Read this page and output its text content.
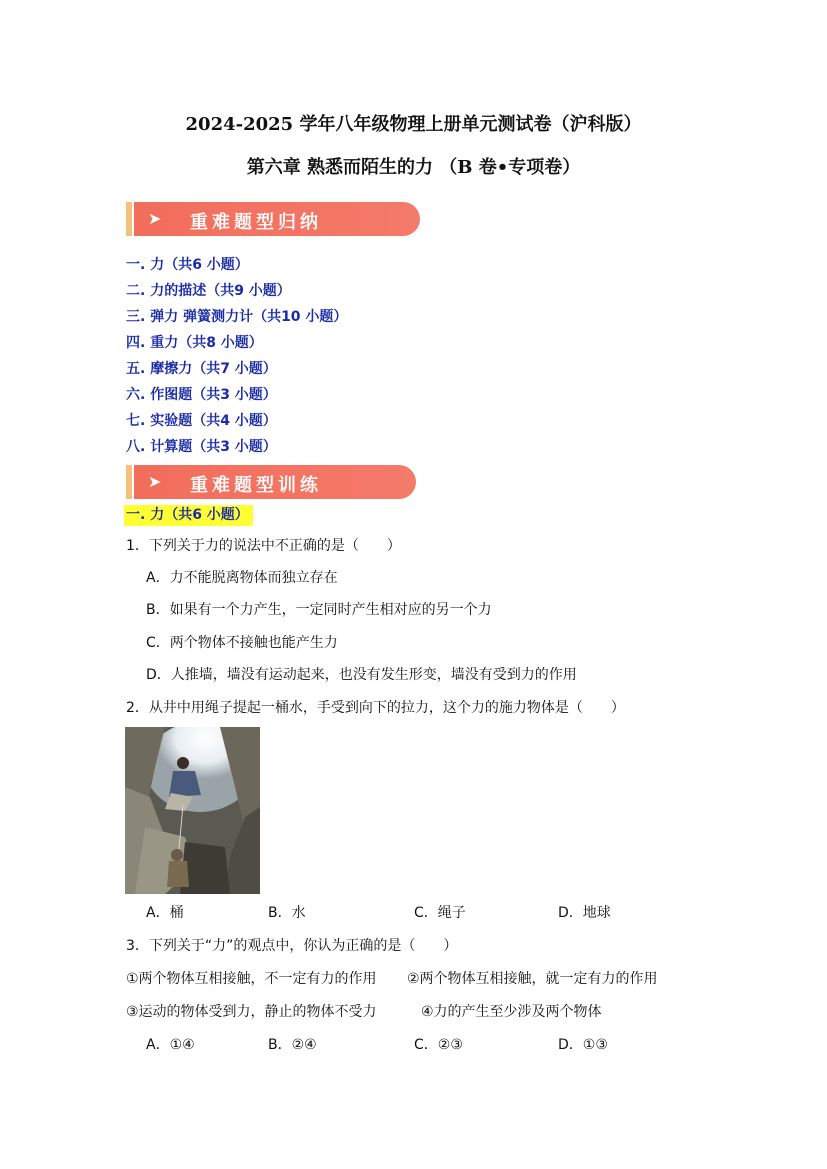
2024-2025 学年八年级物理上册单元测试卷（沪科版）
第六章 熟悉而陌生的力 （B 卷•专项卷）
➤ 重难题型归纳
一. 力（共6 小题）
二. 力的描述（共9 小题）
三. 弹力 弹簧测力计（共10 小题）
四. 重力（共8 小题）
五. 摩擦力（共7 小题）
六. 作图题（共3 小题）
七. 实验题（共4 小题）
八. 计算题（共3 小题）
➤ 重难题型训练
一. 力（共6 小题）
1．下列关于力的说法中不正确的是（　　）
A．力不能脱离物体而独立存在
B．如果有一个力产生，一定同时产生相对应的另一个力
C．两个物体不接触也能产生力
D．人推墙，墙没有运动起来，也没有发生形变，墙没有受到力的作用
2．从井中用绳子提起一桶水，手受到向下的拉力，这个力的施力物体是（　　）
A．桶	B．水	C．绳子	D．地球
3．下列关于“力”的观点中，你认为正确的是（　　）
①两个物体互相接触，不一定有力的作用 ②两个物体互相接触，就一定有力的作用
③运动的物体受到力，静止的物体不受力	④力的产生至少涉及两个物体
A．①④	B．②④	C．②③	D．①③
